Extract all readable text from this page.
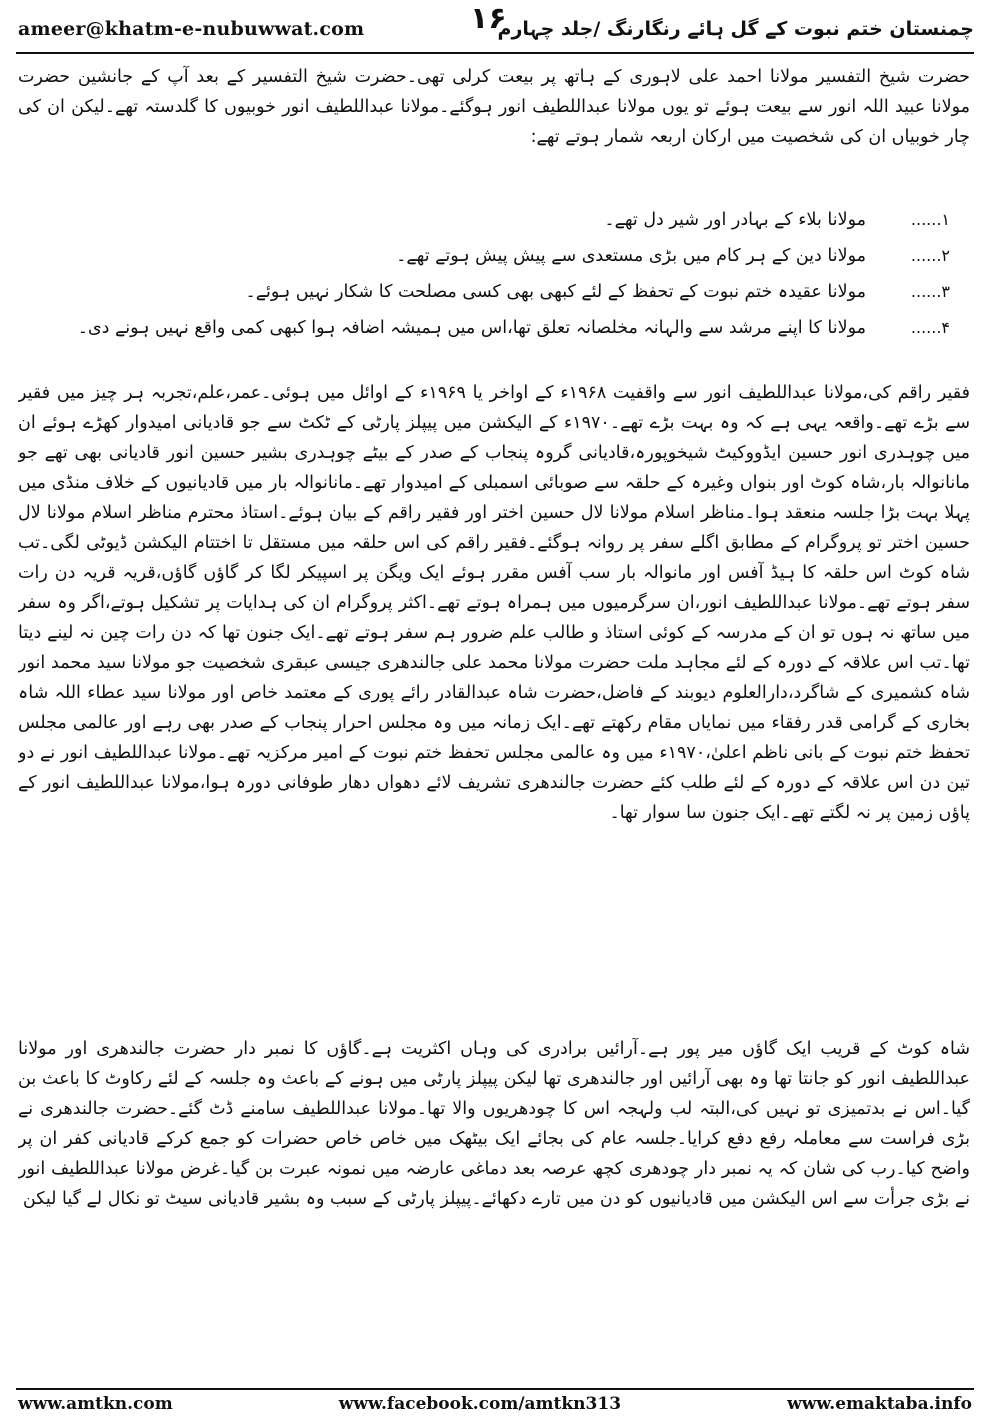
ameer@khatm-e-nubuwwat.com	چمنستان ختم نبوت کے گل ہائے رنگارنگ /جلد چہارم
۱۶

حضرت شیخ التفسیر مولانا احمد علی لاہوری کے ہاتھ پر بیعت کرلی تھی۔حضرت شیخ التفسیر کے بعد آپ کے جانشین حضرت مولانا عبید اللہ انور سے بیعت ہوئے تو یوں مولانا عبداللطیف انور ہوگئے۔مولانا عبداللطیف انور خوبیوں کا گلدستہ تھے۔لیکن ان کی چار خوبیاں ان کی شخصیت میں ارکان اربعہ شمار ہوتے تھے:

۱......
مولانا بلاء کے بہادر اور شیر دل تھے۔
۲......
مولانا دین کے ہر کام میں بڑی مستعدی سے پیش پیش ہوتے تھے۔
۳......
مولانا عقیدہ ختم نبوت کے تحفظ کے لئے کبھی بھی کسی مصلحت کا شکار نہیں ہوئے۔
۴......
مولانا کا اپنے مرشد سے والہانہ مخلصانہ تعلق تھا،اس میں ہمیشہ اضافہ ہوا کبھی کمی واقع نہیں ہونے دی۔

فقیر راقم کی،مولانا عبداللطیف انور سے واقفیت ۱۹۶۸ء کے اواخر یا ۱۹۶۹ء کے اوائل میں ہوئی۔عمر،علم،تجربہ ہر چیز میں فقیر سے بڑے تھے۔واقعہ یہی ہے کہ وہ بہت بڑے تھے۔۱۹۷۰ء کے الیکشن میں پیپلز پارٹی کے ٹکٹ سے جو قادیانی امیدوار کھڑے ہوئے ان میں چوہدری انور حسین ایڈووکیٹ شیخوپورہ،قادیانی گروہ پنجاب کے صدر کے بیٹے چوہدری بشیر حسین انور قادیانی بھی تھے جو مانانوالہ بار،شاہ کوٹ اور بنواں وغیرہ کے حلقہ سے صوبائی اسمبلی کے امیدوار تھے۔مانانوالہ بار میں قادیانیوں کے خلاف منڈی میں پہلا بہت بڑا جلسہ منعقد ہوا۔مناظر اسلام مولانا لال حسین اختر اور فقیر راقم کے بیان ہوئے۔استاذ محترم مناظر اسلام مولانا لال حسین اختر تو پروگرام کے مطابق اگلے سفر پر روانہ ہوگئے۔فقیر راقم کی اس حلقہ میں مستقل تا اختتام الیکشن ڈیوٹی لگی۔تب شاہ کوٹ اس حلقہ کا ہیڈ آفس اور مانوالہ بار سب آفس مقرر ہوئے ایک ویگن پر اسپیکر لگا کر گاؤں گاؤں،قریہ قریہ دن رات سفر ہوتے تھے۔مولانا عبداللطیف انور،ان سرگرمیوں میں ہمراہ ہوتے تھے۔اکثر پروگرام ان کی ہدایات پر تشکیل ہوتے،اگر وہ سفر میں ساتھ نہ ہوں تو ان کے مدرسہ کے کوئی استاذ و طالب علم ضرور ہم سفر ہوتے تھے۔ایک جنون تھا کہ دن رات چین نہ لینے دیتا تھا۔تب اس علاقہ کے دورہ کے لئے مجاہد ملت حضرت مولانا محمد علی جالندھری جیسی عبقری شخصیت جو مولانا سید محمد انور شاہ کشمیری کے شاگرد،دارالعلوم دیوبند کے فاضل،حضرت شاہ عبدالقادر رائے پوری کے معتمد خاص اور مولانا سید عطاء اللہ شاہ بخاری کے گرامی قدر رفقاء میں نمایاں مقام رکھتے تھے۔ایک زمانہ میں وہ مجلس احرار پنجاب کے صدر بھی رہے اور عالمی مجلس تحفظ ختم نبوت کے بانی ناظم اعلیٰ،۱۹۷۰ء میں وہ عالمی مجلس تحفظ ختم نبوت کے امیر مرکزیہ تھے۔مولانا عبداللطیف انور نے دو تین دن اس علاقہ کے دورہ کے لئے طلب کئے حضرت جالندھری تشریف لائے دھواں دھار طوفانی دورہ ہوا،مولانا عبداللطیف انور کے پاؤں زمین پر نہ لگتے تھے۔ایک جنون سا سوار تھا۔

شاہ کوٹ کے قریب ایک گاؤں میر پور ہے۔آرائیں برادری کی وہاں اکثریت ہے۔گاؤں کا نمبر دار حضرت جالندھری اور مولانا عبداللطیف انور کو جانتا تھا وہ بھی آرائیں اور جالندھری تھا لیکن پیپلز پارٹی میں ہونے کے باعث وہ جلسہ کے لئے رکاوٹ کا باعث بن گیا۔اس نے بدتمیزی تو نہیں کی،البتہ لب ولہجہ اس کا چودھریوں والا تھا۔مولانا عبداللطیف سامنے ڈٹ گئے۔حضرت جالندھری نے بڑی فراست سے معاملہ رفع دفع کرایا۔جلسہ عام کی بجائے ایک بیٹھک میں خاص خاص حضرات کو جمع کرکے قادیانی کفر ان پر واضح کیا۔رب کی شان کہ یہ نمبر دار چودھری کچھ عرصہ بعد دماغی عارضہ میں نمونہ عبرت بن گیا۔غرض مولانا عبداللطیف انور نے بڑی جرأت سے اس الیکشن میں قادیانیوں کو دن میں تارے دکھائے۔پیپلز پارٹی کے سبب وہ بشیر قادیانی سیٹ تو نکال لے گیا لیکن

www.amtkn.com	www.facebook.com/amtkn313	www.emaktaba.info
